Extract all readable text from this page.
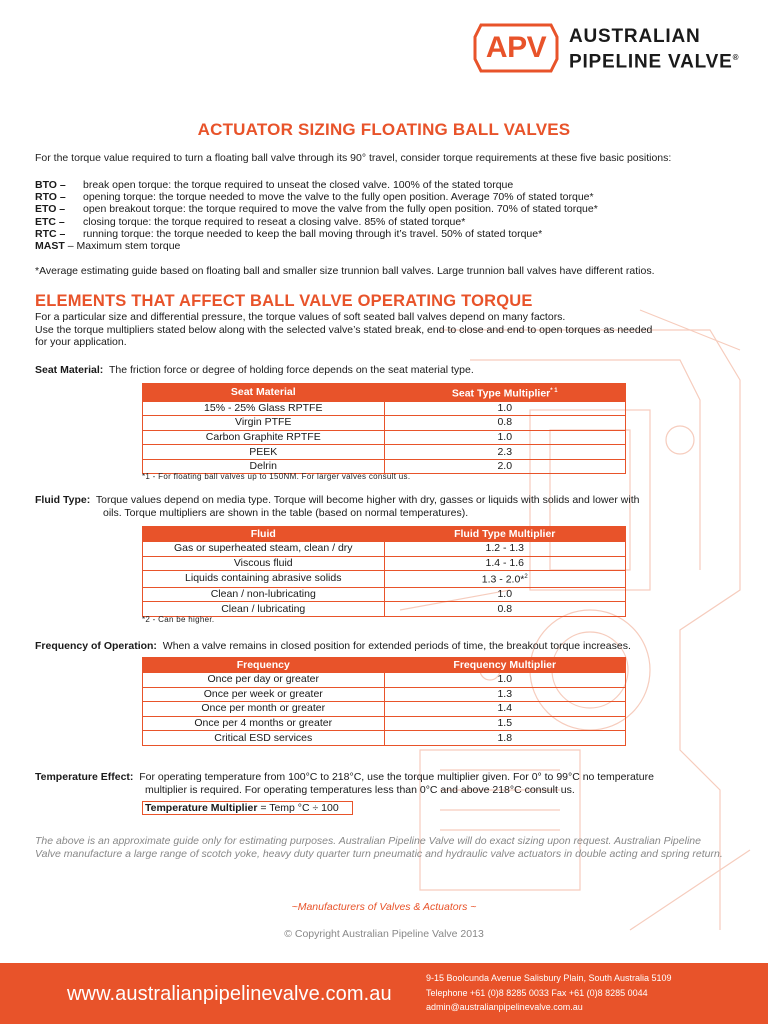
APV	AUSTRALIAN
PIPELINE VALVE®
ACTUATOR SIZING FLOATING BALL VALVES
For the torque value required to turn a floating ball valve through its 90° travel, consider torque requirements at these five basic positions:
BTO –	break open torque: the torque required to unseat the closed valve. 100% of the stated torque
RTO –	opening torque: the torque needed to move the valve to the fully open position. Average 70% of stated torque*
ETO –	open breakout torque: the torque required to move the valve from the fully open position. 70% of stated torque*
ETC –	closing torque: the torque required to reseat a closing valve. 85% of stated torque*
RTC –	running torque: the torque needed to keep the ball moving through it’s travel. 50% of stated torque*
MAST – Maximum stem torque
*Average estimating guide based on floating ball and smaller size trunnion ball valves. Large trunnion ball valves have different ratios.
ELEMENTS THAT AFFECT BALL VALVE OPERATING TORQUE
For a particular size and differential pressure, the torque values of soft seated ball valves depend on many factors.
Use the torque multipliers stated below along with the selected valve’s stated break, end to close and end to open torques as needed
for your application.
Seat Material: The friction force or degree of holding force depends on the seat material type.
Seat Material	Seat Type Multiplier$^{* 1}$
15% - 25% Glass RPTFE	1.0
Virgin PTFE	0.8
Carbon Graphite RPTFE	1.0
PEEK	2.3
Delrin	2.0
*1 - For floating ball valves up to 150NM. For larger valves consult us.
Fluid Type: Torque values depend on media type. Torque will become higher with dry, gasses or liquids with solids and lower with
oils. Torque multipliers are shown in the table (based on normal temperatures).
Fluid	Fluid Type Multiplier
Gas or superheated steam, clean / dry	1.2 - 1.3
Viscous fluid	1.4 - 1.6
Liquids containing abrasive solids	1.3 - 2.0*$^2$
Clean / non-lubricating	1.0
Clean / lubricating	0.8
*2 - Can be higher.
Frequency of Operation: When a valve remains in closed position for extended periods of time, the breakout torque increases.
Frequency	Frequency Multiplier
Once per day or greater	1.0
Once per week or greater	1.3
Once per month or greater	1.4
Once per 4 months or greater	1.5
Critical ESD services	1.8
Temperature Effect: For operating temperature from 100°C to 218°C, use the torque multiplier given. For 0° to 99°C no temperature
multiplier is required. For operating temperatures less than 0°C and above 218°C consult us.
Temperature Multiplier = Temp °C ÷ 100
The above is an approximate guide only for estimating purposes. Australian Pipeline Valve will do exact sizing upon request. Australian Pipeline Valve manufacture a large range of scotch yoke, heavy duty quarter turn pneumatic and hydraulic valve actuators in double acting and spring return.
~Manufacturers of Valves & Actuators ~
© Copyright Australian Pipeline Valve 2013
www.australianpipelinevalve.com.au
9-15 Boolcunda Avenue Salisbury Plain, South Australia 5109
Telephone +61 (0)8 8285 0033 Fax +61 (0)8 8285 0044
admin@australianpipelinevalve.com.au
